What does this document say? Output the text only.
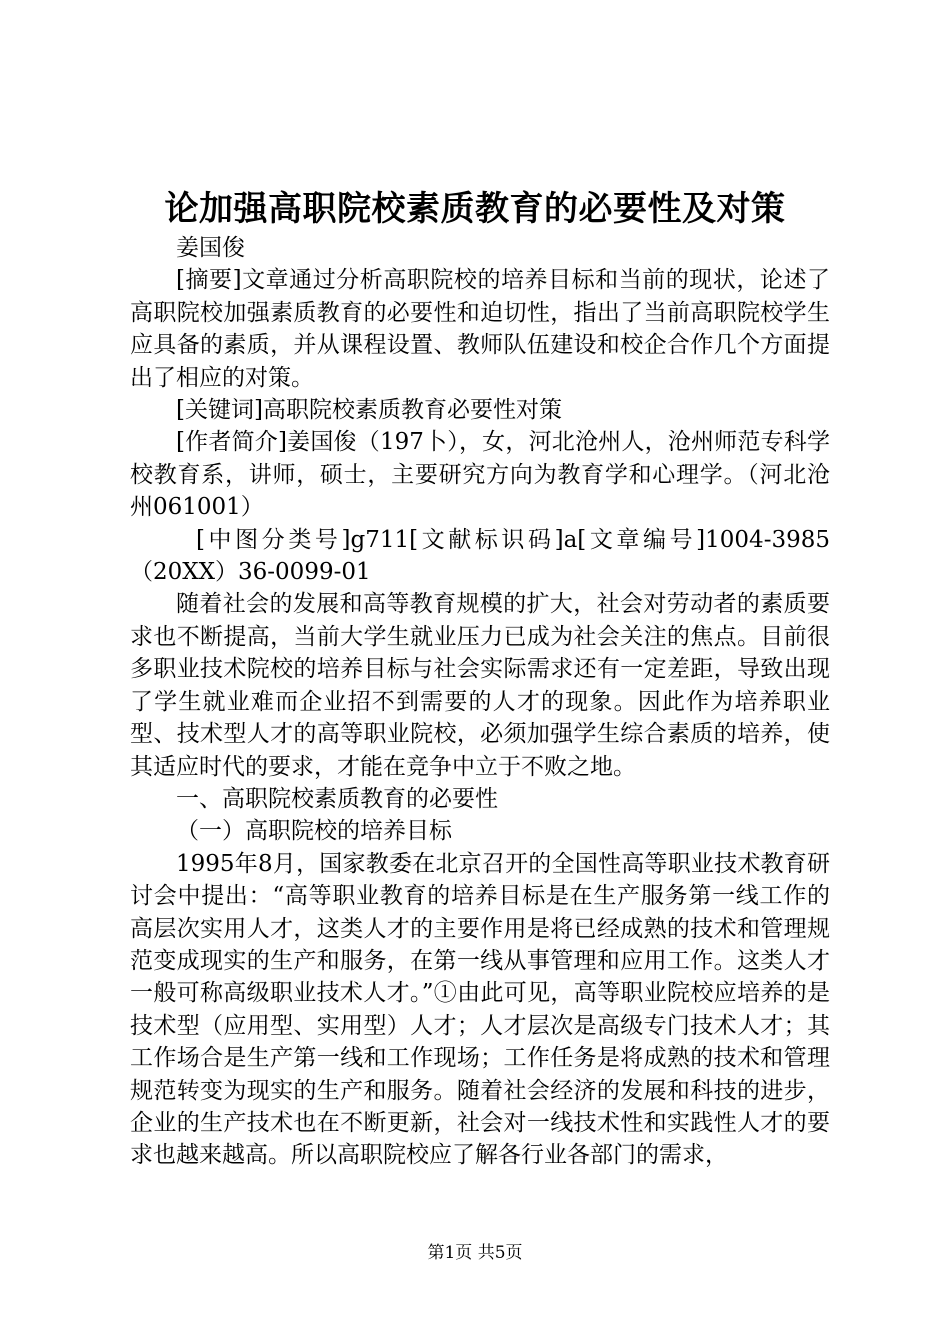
论加强高职院校素质教育的必要性及对策

姜国俊

[摘要]文章通过分析高职院校的培养目标和当前的现状，论述了高职院校加强素质教育的必要性和迫切性，指出了当前高职院校学生应具备的素质，并从课程设置、教师队伍建设和校企合作几个方面提出了相应的对策。

[关键词]高职院校素质教育必要性对策

[作者简介]姜国俊（197卜），女，河北沧州人，沧州师范专科学校教育系，讲师，硕士，主要研究方向为教育学和心理学。（河北沧州061001）

[中图分类号]g711[文献标识码]a[文章编号]1004-3985（20XX）36-0099-01

随着社会的发展和高等教育规模的扩大，社会对劳动者的素质要求也不断提高，当前大学生就业压力已成为社会关注的焦点。目前很多职业技术院校的培养目标与社会实际需求还有一定差距，导致出现了学生就业难而企业招不到需要的人才的现象。因此作为培养职业型、技术型人才的高等职业院校，必须加强学生综合素质的培养，使其适应时代的要求，才能在竞争中立于不败之地。

一、高职院校素质教育的必要性

（一）高职院校的培养目标

1995年8月，国家教委在北京召开的全国性高等职业技术教育研讨会中提出：“高等职业教育的培养目标是在生产服务第一线工作的高层次实用人才，这类人才的主要作用是将已经成熟的技术和管理规范变成现实的生产和服务，在第一线从事管理和应用工作。这类人才一般可称高级职业技术人才。”①由此可见，高等职业院校应培养的是技术型（应用型、实用型）人才；人才层次是高级专门技术人才；其工作场合是生产第一线和工作现场；工作任务是将成熟的技术和管理规范转变为现实的生产和服务。随着社会经济的发展和科技的进步，企业的生产技术也在不断更新，社会对一线技术性和实践性人才的要求也越来越高。所以高职院校应了解各行业各部门的需求，

第1页 共5页
